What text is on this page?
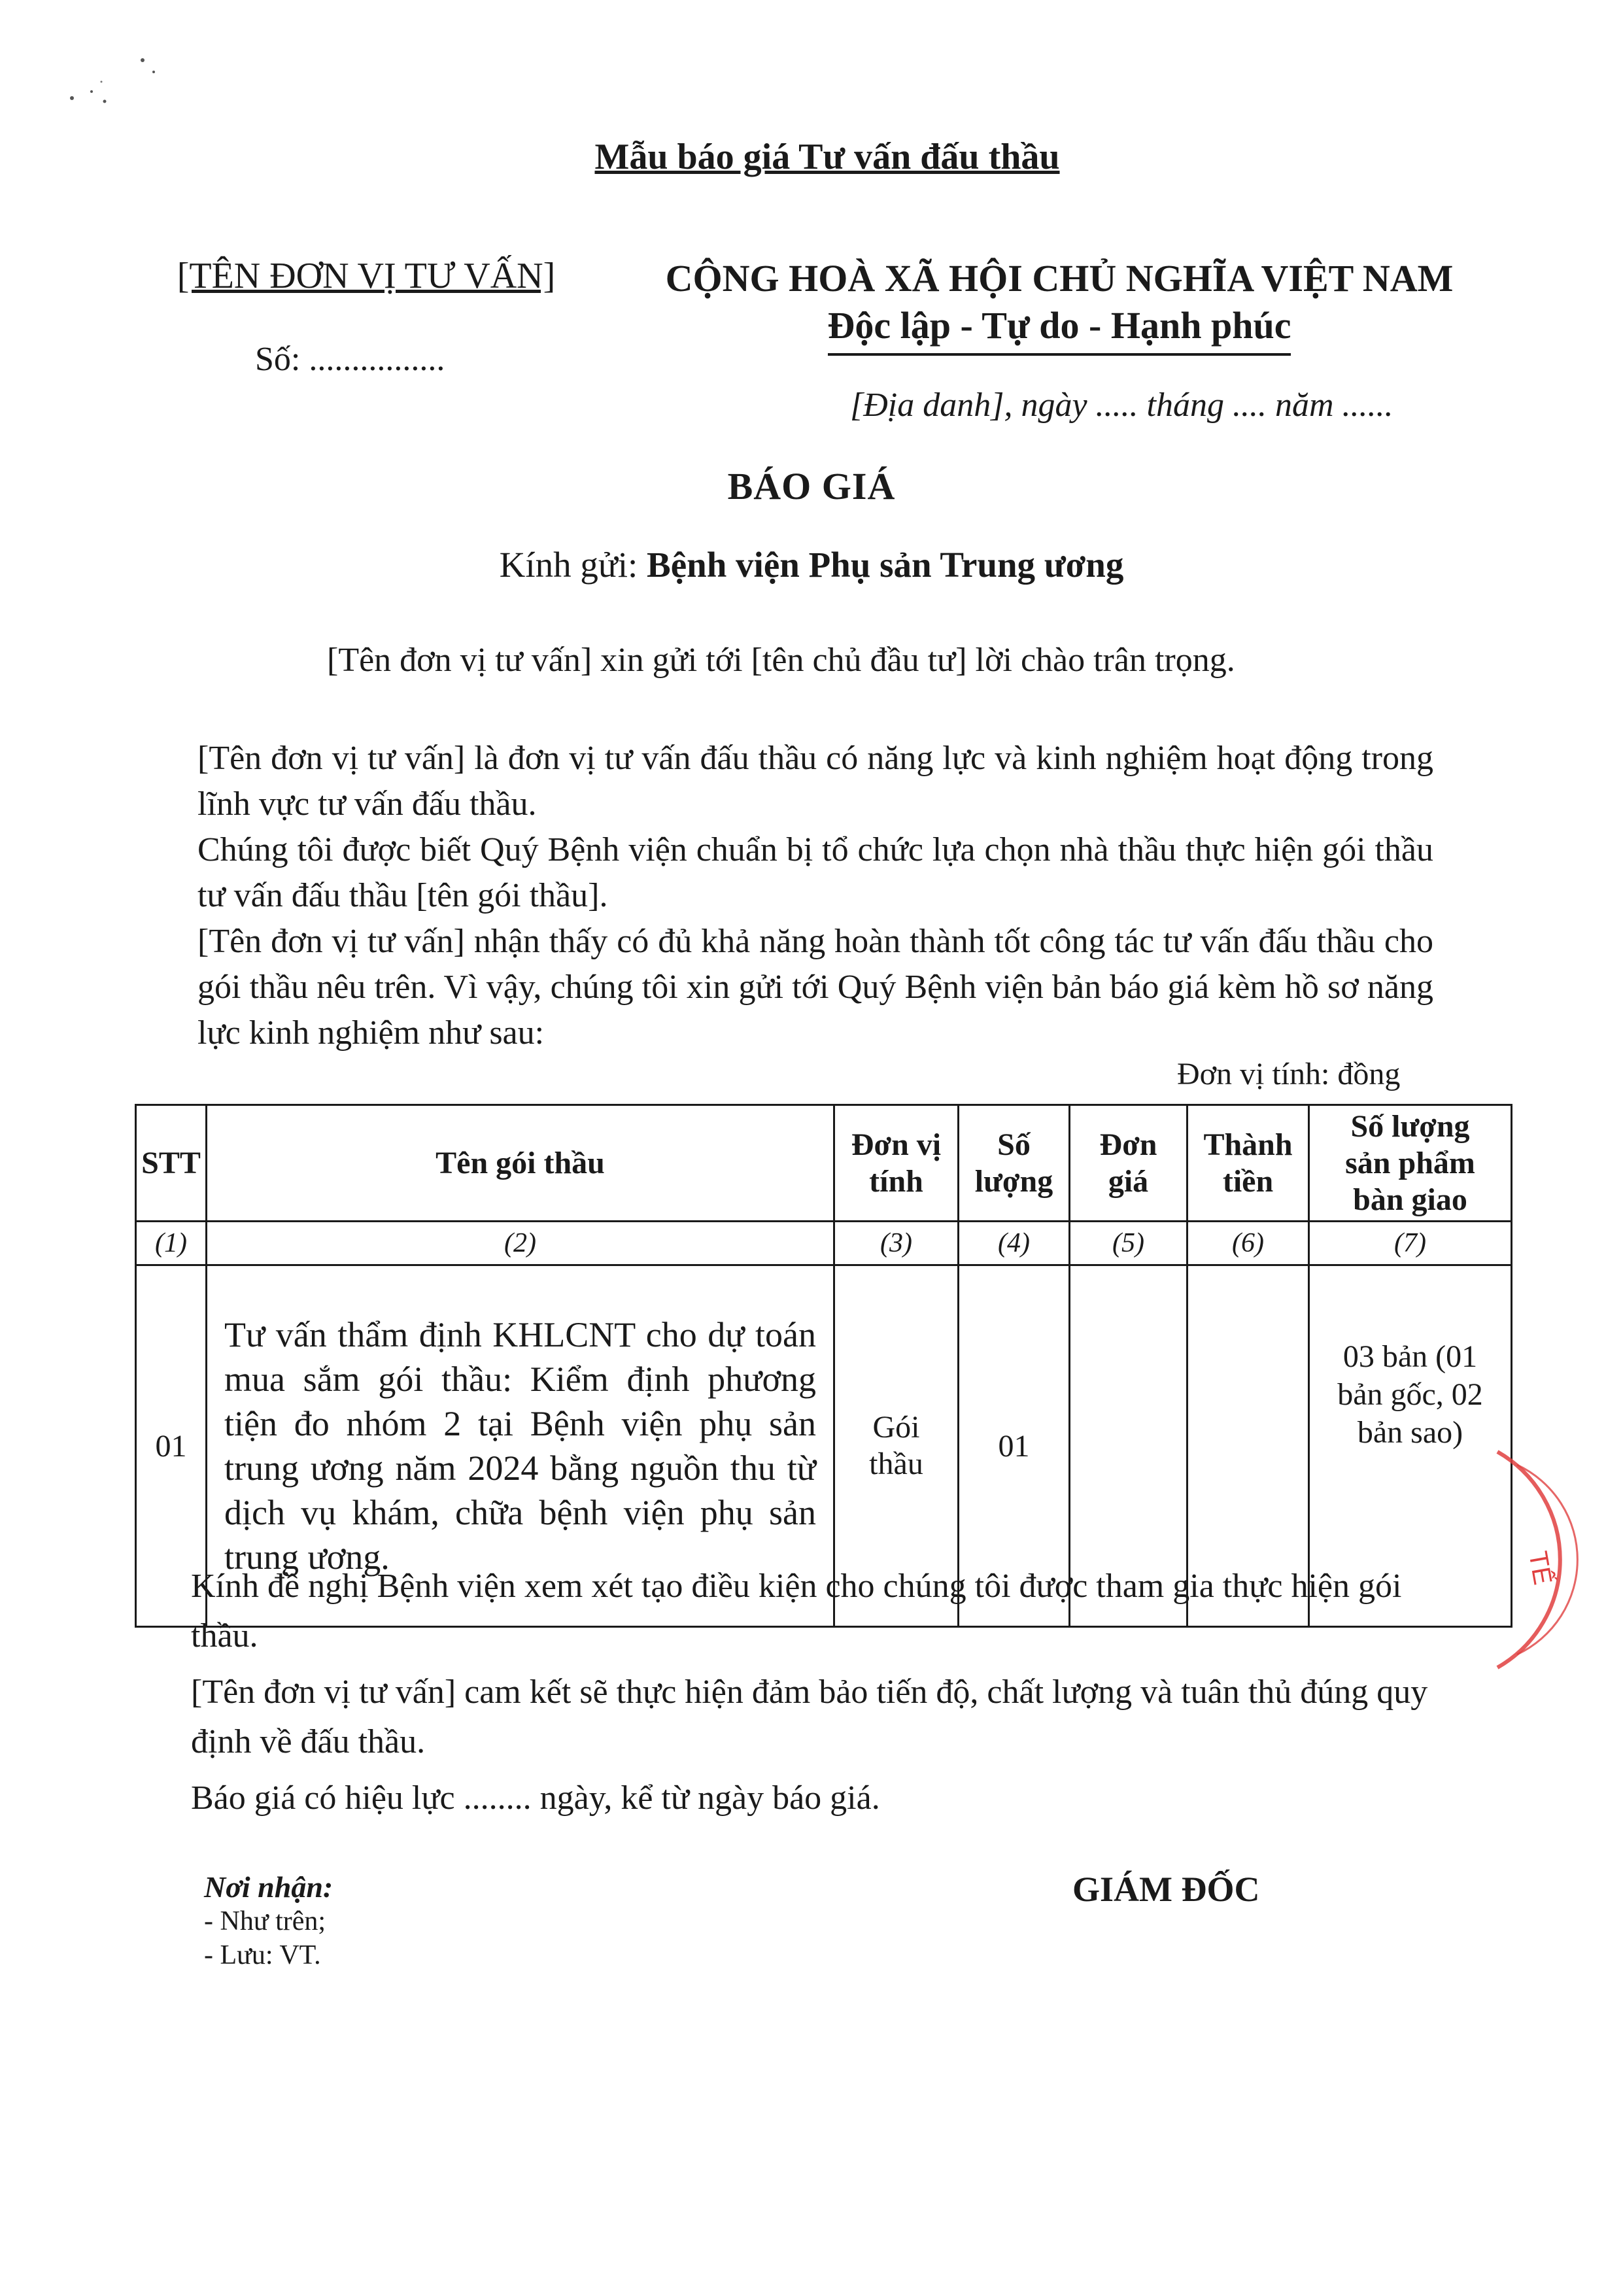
Mẫu báo giá Tư vấn đấu thầu
[TÊN ĐƠN VỊ TƯ VẤN]
Số: ................
CỘNG HOÀ XÃ HỘI CHỦ NGHĨA VIỆT NAM
Độc lập - Tự do - Hạnh phúc
[Địa danh], ngày ..... tháng .... năm ......
BÁO GIÁ
Kính gửi: Bệnh viện Phụ sản Trung ương
[Tên đơn vị tư vấn] xin gửi tới [tên chủ đầu tư] lời chào trân trọng.

[Tên đơn vị tư vấn] là đơn vị tư vấn đấu thầu có năng lực và kinh nghiệm hoạt động trong lĩnh vực tư vấn đấu thầu.

Chúng tôi được biết Quý Bệnh viện chuẩn bị tổ chức lựa chọn nhà thầu thực hiện gói thầu tư vấn đấu thầu [tên gói thầu].

[Tên đơn vị tư vấn] nhận thấy có đủ khả năng hoàn thành tốt công tác tư vấn đấu thầu cho gói thầu nêu trên. Vì vậy, chúng tôi xin gửi tới Quý Bệnh viện bản báo giá kèm hồ sơ năng lực kinh nghiệm như sau:

Đơn vị tính: đồng
STT	Tên gói thầu	Đơn vị tính	Số lượng	Đơn giá	Thành tiền	Số lượng sản phẩm bàn giao
(1)	(2)	(3)	(4)	(5)	(6)	(7)
01	Tư vấn thẩm định KHLCNT cho dự toán mua sắm gói thầu: Kiểm định phương tiện đo nhóm 2 tại Bệnh viện phụ sản trung ương năm 2024 bằng nguồn thu từ dịch vụ khám, chữa bệnh viện phụ sản trung ương.	Gói thầu	01			03 bản (01 bản gốc, 02 bản sao)

Kính đề nghị Bệnh viện xem xét tạo điều kiện cho chúng tôi được tham gia thực hiện gói thầu.

[Tên đơn vị tư vấn] cam kết sẽ thực hiện đảm bảo tiến độ, chất lượng và tuân thủ đúng quy định về đấu thầu.

Báo giá có hiệu lực ........ ngày, kể từ ngày báo giá.

Nơi nhận:
- Như trên;
- Lưu: VT.
GIÁM ĐỐC
TẾ
